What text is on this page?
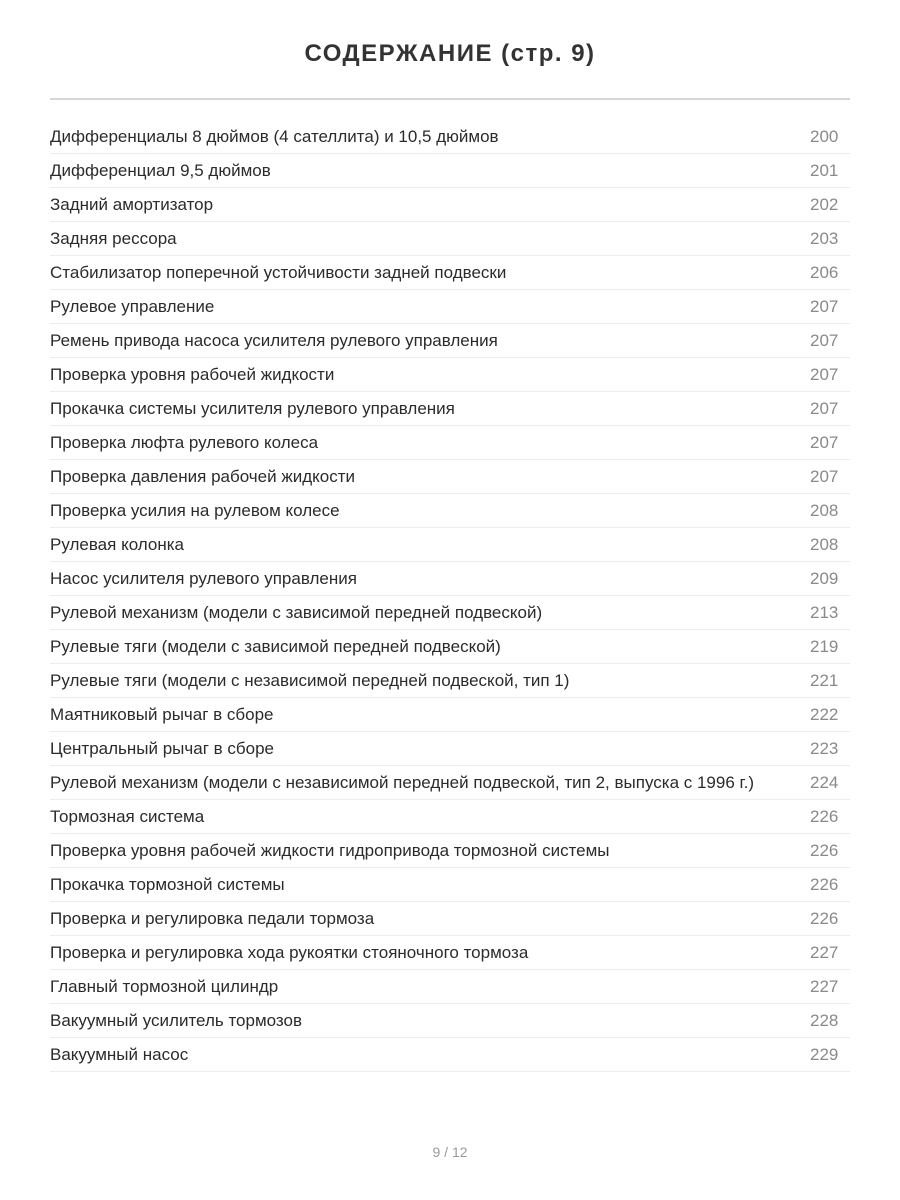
СОДЕРЖАНИЕ (стр. 9)
Дифференциалы 8 дюймов (4 сателлита) и 10,5 дюймов	200
Дифференциал 9,5 дюймов	201
Задний амортизатор	202
Задняя рессора	203
Стабилизатор поперечной устойчивости задней подвески	206
Рулевое управление	207
Ремень привода насоса усилителя рулевого управления	207
Проверка уровня рабочей жидкости	207
Прокачка системы усилителя рулевого управления	207
Проверка люфта рулевого колеса	207
Проверка давления рабочей жидкости	207
Проверка усилия на рулевом колесе	208
Рулевая колонка	208
Насос усилителя рулевого управления	209
Рулевой механизм (модели с зависимой передней подвеской)	213
Рулевые тяги (модели с зависимой передней подвеской)	219
Рулевые тяги (модели с независимой передней подвеской, тип 1)	221
Маятниковый рычаг в сборе	222
Центральный рычаг в сборе	223
Рулевой механизм (модели с независимой передней подвеской, тип 2, выпуска с 1996 г.)	224
Тормозная система	226
Проверка уровня рабочей жидкости гидропривода тормозной системы	226
Прокачка тормозной системы	226
Проверка и регулировка педали тормоза	226
Проверка и регулировка хода рукоятки стояночного тормоза	227
Главный тормозной цилиндр	227
Вакуумный усилитель тормозов	228
Вакуумный насос	229
9 / 12
